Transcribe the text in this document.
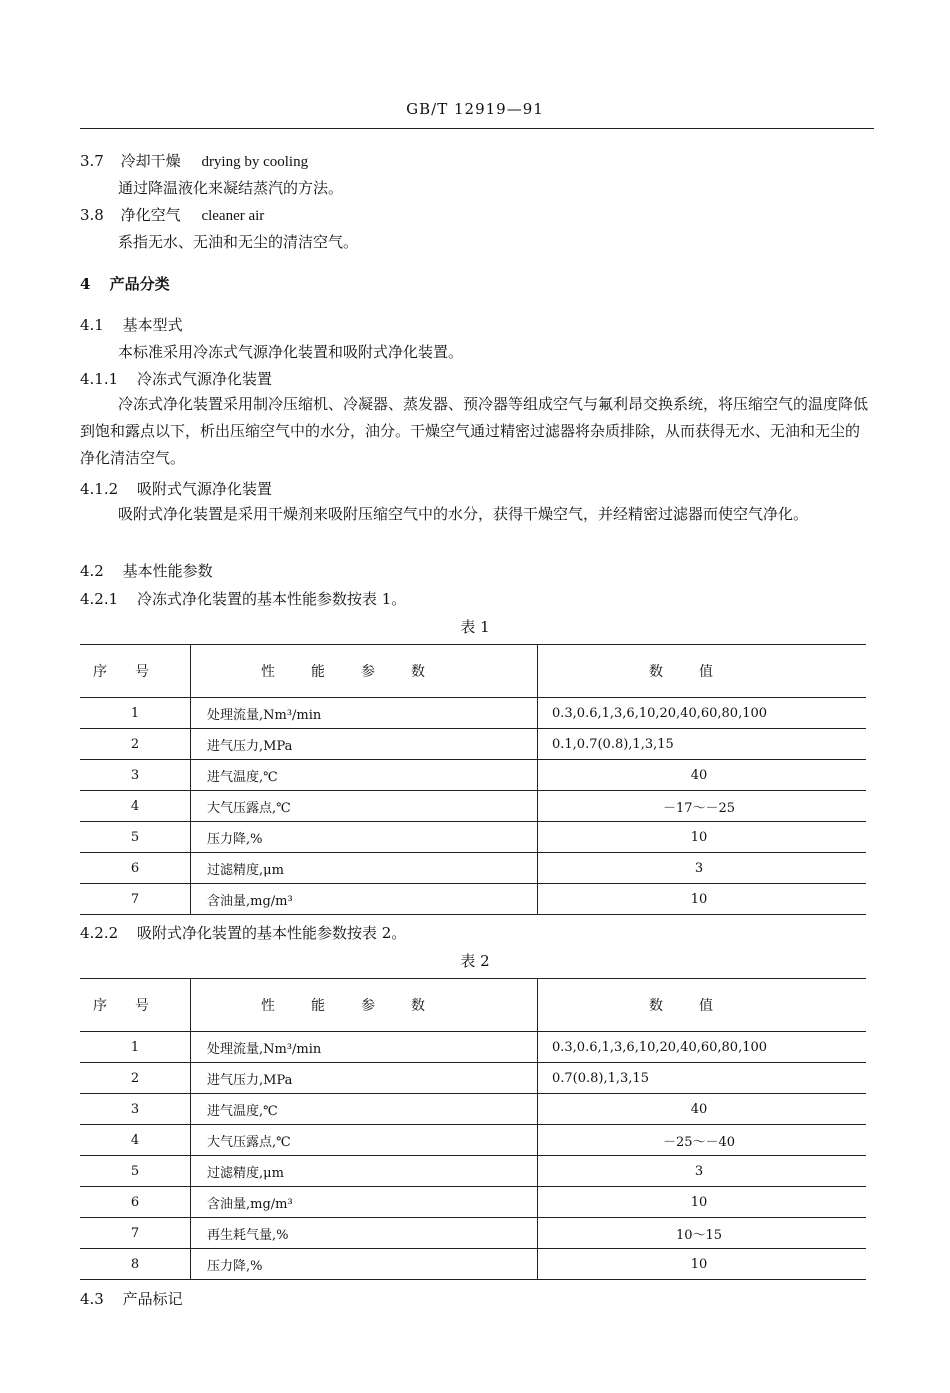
GB/T 12919—91
3.7 冷却干燥 drying by cooling
通过降温液化来凝结蒸汽的方法。
3.8 净化空气 cleaner air
系指无水、无油和无尘的清洁空气。
4 产品分类
4.1 基本型式
本标准采用冷冻式气源净化装置和吸附式净化装置。
4.1.1 冷冻式气源净化装置
冷冻式净化装置采用制冷压缩机、冷凝器、蒸发器、预冷器等组成空气与氟利昂交换系统，将压缩空气的温度降低到饱和露点以下，析出压缩空气中的水分，油分。干燥空气通过精密过滤器将杂质排除，从而获得无水、无油和无尘的净化清洁空气。
4.1.2 吸附式气源净化装置
吸附式净化装置是采用干燥剂来吸附压缩空气中的水分，获得干燥空气，并经精密过滤器而使空气净化。
4.2 基本性能参数
4.2.1 冷冻式净化装置的基本性能参数按表 1。
表 1
序号	性能参数	数值
1	处理流量,Nm³/min	0.3,0.6,1,3,6,10,20,40,60,80,100
2	进气压力,MPa	0.1,0.7(0.8),1,3,15
3	进气温度,℃	40
4	大气压露点,℃	－17～－25
5	压力降,%	10
6	过滤精度,μm	3
7	含油量,mg/m³	10
4.2.2 吸附式净化装置的基本性能参数按表 2。
表 2
序号	性能参数	数值
1	处理流量,Nm³/min	0.3,0.6,1,3,6,10,20,40,60,80,100
2	进气压力,MPa	0.7(0.8),1,3,15
3	进气温度,℃	40
4	大气压露点,℃	－25～－40
5	过滤精度,μm	3
6	含油量,mg/m³	10
7	再生耗气量,%	10～15
8	压力降,%	10
4.3 产品标记
